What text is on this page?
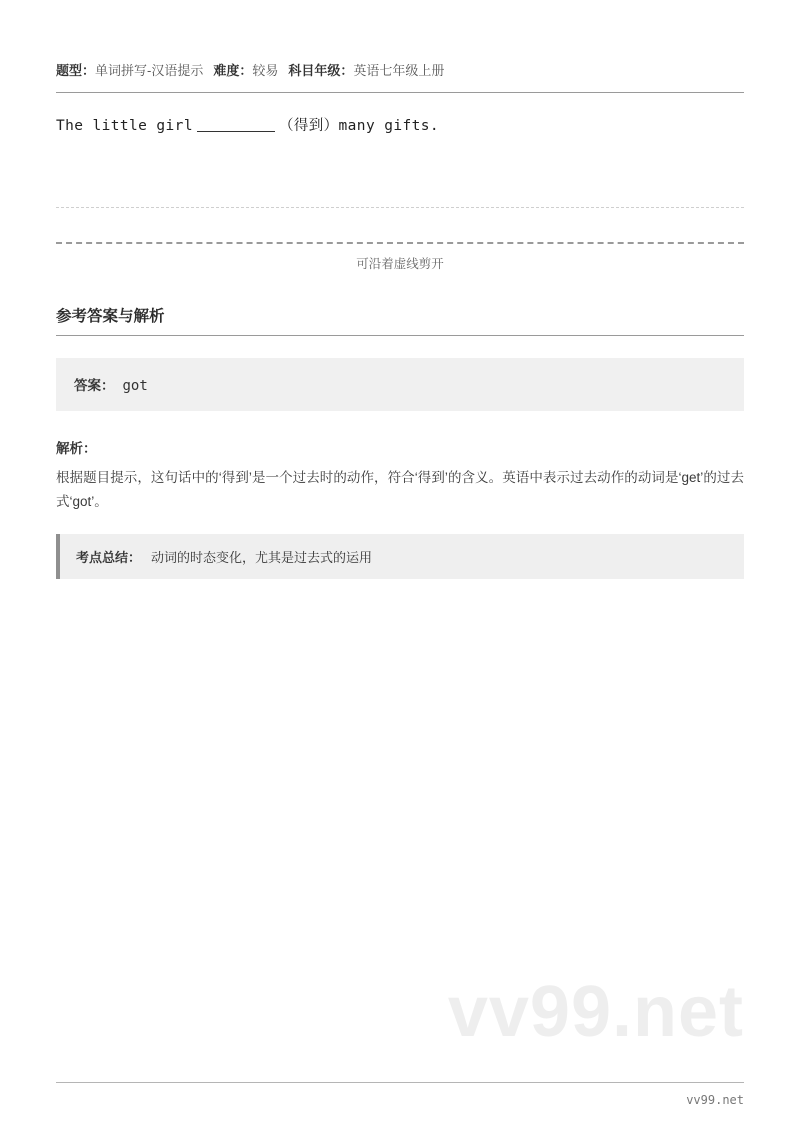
题型：单词拼写-汉语提示 难度：较易 科目年级：英语七年级上册
The little girl	（得到）many gifts.
可沿着虚线剪开
参考答案与解析
答案： got
解析：
根据题目提示，这句话中的‘得到’是一个过去时的动作，符合‘得到’的含义。英语中表示过去动作的动词是‘get’的过去式‘got’。
考点总结： 动词的时态变化，尤其是过去式的运用
vv99.net
vv99.net
